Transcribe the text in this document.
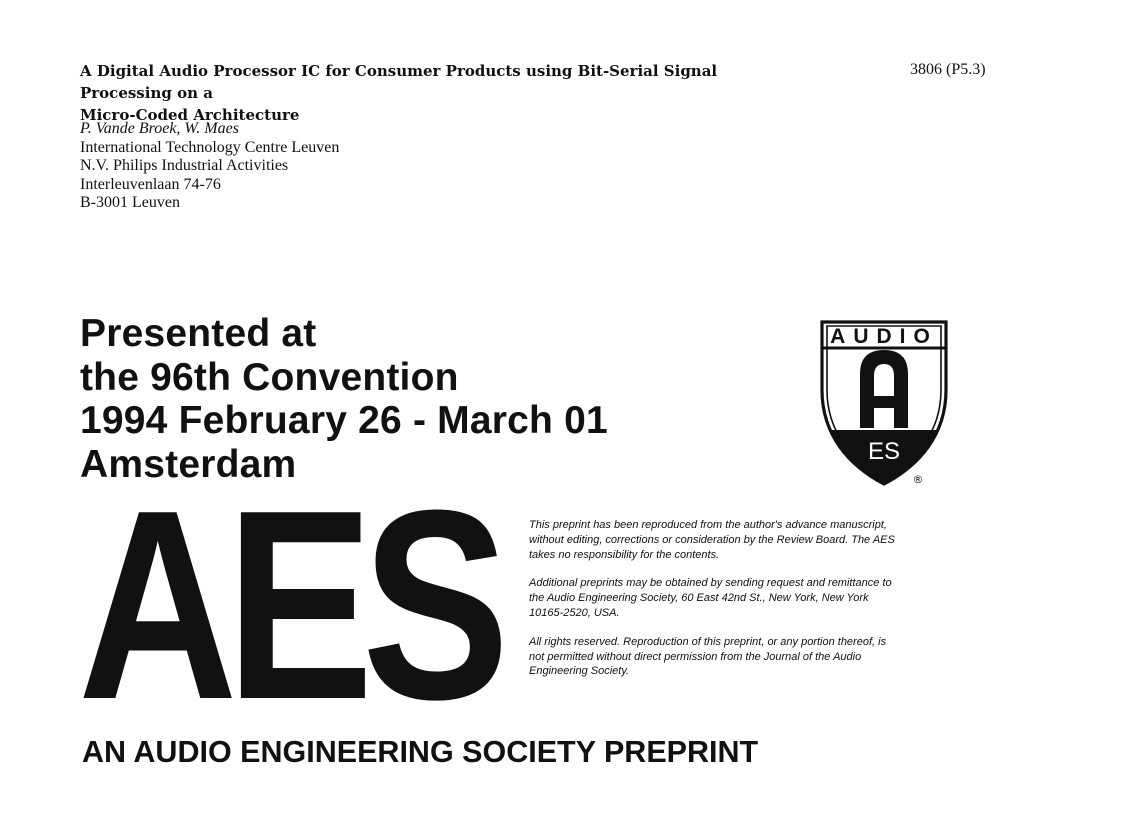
A Digital Audio Processor IC for Consumer Products using Bit-Serial Signal Processing on a
Micro-Coded Architecture
3806 (P5.3)
P. Vande Broek, W. Maes
International Technology Centre Leuven
N.V. Philips Industrial Activities
Interleuvenlaan 74-76
B-3001 Leuven
Presented at
the 96th Convention
1994 February 26 - March 01
Amsterdam
AUDIO
ES
®
AES This preprint has been reproduced from the author's advance manuscript, without editing, corrections or consideration by the Review Board. The AES takes no responsibility for the contents.

Additional preprints may be obtained by sending request and remittance to the Audio Engineering Society, 60 East 42nd St., New York, New York 10165-2520, USA.

All rights reserved. Reproduction of this preprint, or any portion thereof, is not permitted without direct permission from the Journal of the Audio Engineering Society.

AN AUDIO ENGINEERING SOCIETY PREPRINT
